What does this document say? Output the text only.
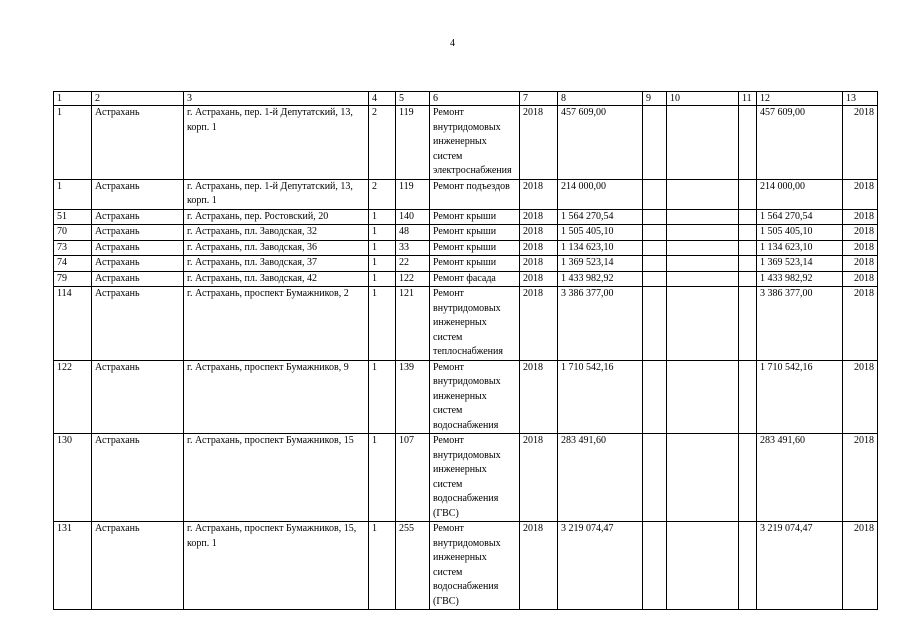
4
1	2	3	4	5	6	7	8	9	10	11	12	13
1	Астрахань	г. Астрахань, пер. 1-й Депутатский, 13, корп. 1	2	119	Ремонт внутридомовых инженерных систем электроснабжения	2018	457 609,00				457 609,00	2018
1	Астрахань	г. Астрахань, пер. 1-й Депутатский, 13, корп. 1	2	119	Ремонт подъездов	2018	214 000,00				214 000,00	2018
51	Астрахань	г. Астрахань, пер. Ростовский, 20	1	140	Ремонт крыши	2018	1 564 270,54				1 564 270,54	2018
70	Астрахань	г. Астрахань, пл. Заводская, 32	1	48	Ремонт крыши	2018	1 505 405,10				1 505 405,10	2018
73	Астрахань	г. Астрахань, пл. Заводская, 36	1	33	Ремонт крыши	2018	1 134 623,10				1 134 623,10	2018
74	Астрахань	г. Астрахань, пл. Заводская, 37	1	22	Ремонт крыши	2018	1 369 523,14				1 369 523,14	2018
79	Астрахань	г. Астрахань, пл. Заводская, 42	1	122	Ремонт фасада	2018	1 433 982,92				1 433 982,92	2018
114	Астрахань	г. Астрахань, проспект Бумажников, 2	1	121	Ремонт внутридомовых инженерных систем теплоснабжения	2018	3 386 377,00				3 386 377,00	2018
122	Астрахань	г. Астрахань, проспект Бумажников, 9	1	139	Ремонт внутридомовых инженерных систем водоснабжения	2018	1 710 542,16				1 710 542,16	2018
130	Астрахань	г. Астрахань, проспект Бумажников, 15	1	107	Ремонт внутридомовых инженерных систем водоснабжения (ГВС)	2018	283 491,60				283 491,60	2018
131	Астрахань	г. Астрахань, проспект Бумажников, 15, корп. 1	1	255	Ремонт внутридомовых инженерных систем водоснабжения (ГВС)	2018	3 219 074,47				3 219 074,47	2018
